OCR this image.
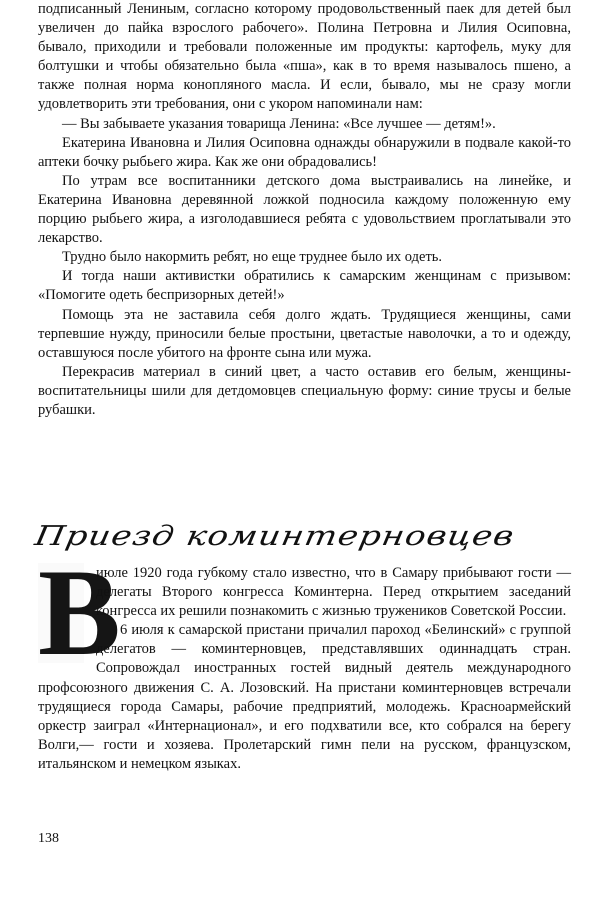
подписанный Лениным, согласно которому продовольственный паек для детей был увеличен до пайка взрослого рабочего». Полина Петровна и Лилия Осиповна, бывало, приходили и требовали положенные им продукты: картофель, муку для болтушки и чтобы обязательно была «пша», как в то время называлось пшено, а также полная норма конопляного масла. И если, бывало, мы не сразу могли удовлетворить эти требования, они с укором напоминали нам:

— Вы забываете указания товарища Ленина: «Все лучшее — детям!».

Екатерина Ивановна и Лилия Осиповна однажды обнаружили в подвале какой-то аптеки бочку рыбьего жира. Как же они обрадовались!

По утрам все воспитанники детского дома выстраивались на линейке, и Екатерина Ивановна деревянной ложкой подносила каждому положенную ему порцию рыбьего жира, а изголодавшиеся ребята с удовольствием проглатывали это лекарство.

Трудно было накормить ребят, но еще труднее было их одеть.

И тогда наши активистки обратились к самарским женщинам с призывом: «Помогите одеть беспризорных детей!»

Помощь эта не заставила себя долго ждать. Трудящиеся женщины, сами терпевшие нужду, приносили белые простыни, цветастые наволочки, а то и одежду, оставшуюся после убитого на фронте сына или мужа.

Перекрасив материал в синий цвет, а часто оставив его белым, женщины-воспитательницы шили для детдомовцев специальную форму: синие трусы и белые рубашки.

Приезд коминтерновцев
В

июле 1920 года губкому стало известно, что в Самару прибывают гости — делегаты Второго конгресса Коминтерна. Перед открытием заседаний конгресса их решили познакомить с жизнью тружеников Советской России.

6 июля к самарской пристани причалил пароход «Белинский» с группой делегатов — коминтерновцев, представлявших одиннадцать стран. Сопровождал иностранных гостей видный деятель международного профсоюзного движения С. А. Лозовский. На пристани коминтерновцев встречали трудящиеся города Самары, рабочие предприятий, молодежь. Красноармейский оркестр заиграл «Интернационал», и его подхватили все, кто собрался на берегу Волги,— гости и хозяева. Пролетарский гимн пели на русском, французском, итальянском и немецком языках.

138
